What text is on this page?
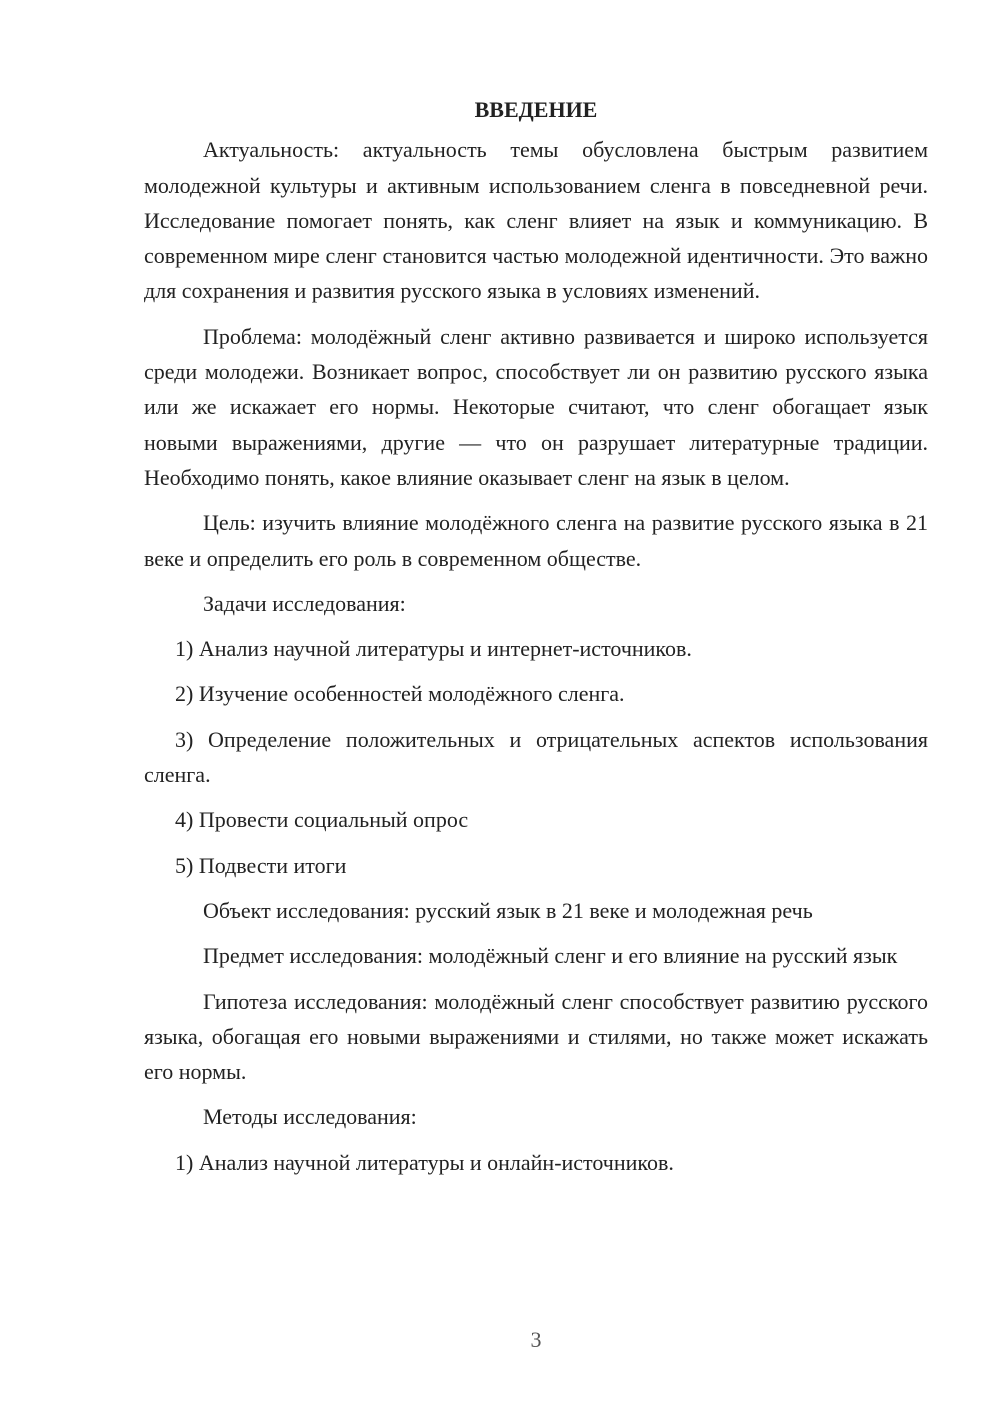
ВВЕДЕНИЕ
Актуальность: актуальность темы обусловлена быстрым развитием молодежной культуры и активным использованием сленга в повседневной речи. Исследование помогает понять, как сленг влияет на язык и коммуникацию. В современном мире сленг становится частью молодежной идентичности. Это важно для сохранения и развития русского языка в условиях изменений.
Проблема: молодёжный сленг активно развивается и широко используется среди молодежи. Возникает вопрос, способствует ли он развитию русского языка или же искажает его нормы. Некоторые считают, что сленг обогащает язык новыми выражениями, другие — что он разрушает литературные традиции. Необходимо понять, какое влияние оказывает сленг на язык в целом.
Цель: изучить влияние молодёжного сленга на развитие русского языка в 21 веке и определить его роль в современном обществе.
Задачи исследования:
1) Анализ научной литературы и интернет-источников.
2) Изучение особенностей молодёжного сленга.
3) Определение положительных и отрицательных аспектов использования сленга.
4) Провести социальный опрос
5) Подвести итоги
Объект исследования: русский язык в 21 веке и молодежная речь
Предмет исследования: молодёжный сленг и его влияние на русский язык
Гипотеза исследования: молодёжный сленг способствует развитию русского языка, обогащая его новыми выражениями и стилями, но также может искажать его нормы.
Методы исследования:
1) Анализ научной литературы и онлайн-источников.
3
